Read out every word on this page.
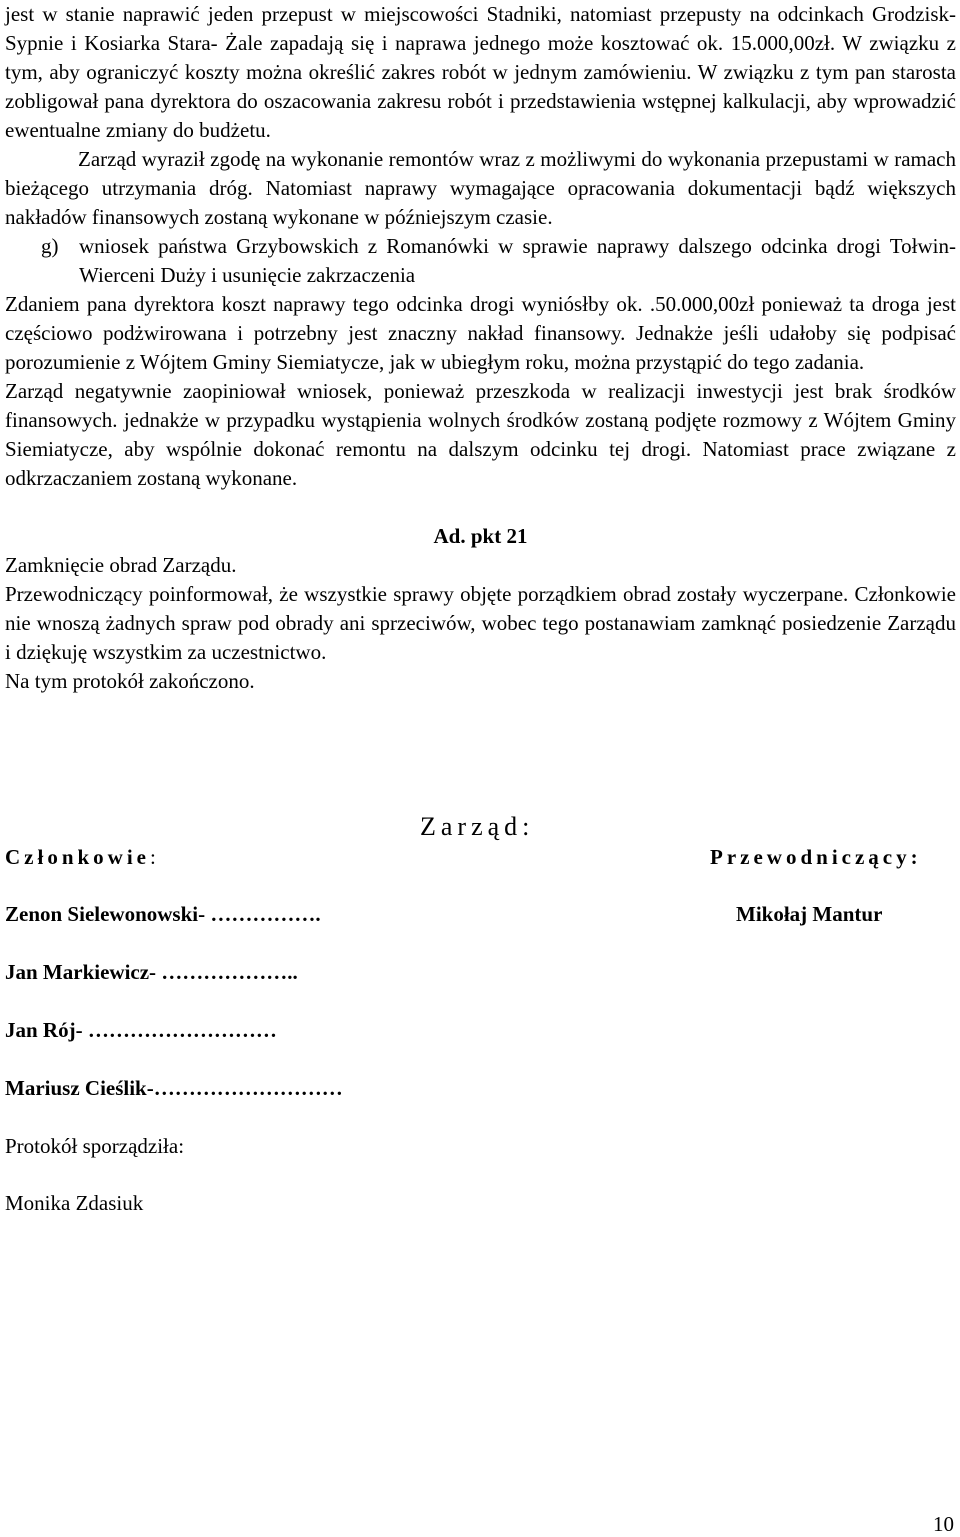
jest w stanie naprawić jeden przepust w miejscowości Stadniki, natomiast przepusty na odcinkach Grodzisk- Sypnie i Kosiarka Stara- Żale zapadają się i naprawa jednego może kosztować ok. 15.000,00zł. W związku z tym, aby ograniczyć koszty można określić zakres robót w jednym zamówieniu. W związku z tym pan starosta zobligował pana dyrektora do oszacowania zakresu robót i przedstawienia wstępnej kalkulacji, aby wprowadzić ewentualne zmiany do budżetu.

Zarząd wyraził zgodę na wykonanie remontów wraz z możliwymi do wykonania przepustami w ramach bieżącego utrzymania dróg. Natomiast naprawy wymagające opracowania dokumentacji bądź większych nakładów finansowych zostaną wykonane w późniejszym czasie.

g) wniosek państwa Grzybowskich z Romanówki w sprawie naprawy dalszego odcinka drogi Tołwin- Wierceni Duży i usunięcie zakrzaczenia

Zdaniem pana dyrektora koszt naprawy tego odcinka drogi wyniósłby ok. .50.000,00zł ponieważ ta droga jest częściowo podżwirowana i potrzebny jest znaczny nakład finansowy. Jednakże jeśli udałoby się podpisać porozumienie z Wójtem Gminy Siemiatycze, jak w ubiegłym roku, można przystąpić do tego zadania.

Zarząd negatywnie zaopiniował wniosek, ponieważ przeszkoda w realizacji inwestycji jest brak środków finansowych. jednakże w przypadku wystąpienia wolnych środków zostaną podjęte rozmowy z Wójtem Gminy Siemiatycze, aby wspólnie dokonać remontu na dalszym odcinku tej drogi. Natomiast prace związane z odkrzaczaniem zostaną wykonane.

Ad. pkt 21

Zamknięcie obrad Zarządu.

Przewodniczący poinformował, że wszystkie sprawy objęte porządkiem obrad zostały wyczerpane. Członkowie nie wnoszą żadnych spraw pod obrady ani sprzeciwów, wobec tego postanawiam zamknąć posiedzenie Zarządu i dziękuję wszystkim za uczestnictwo.

Na tym protokół zakończono.

Zarząd:
Członkowie:	Przewodniczący:
Zenon Sielewonowski- …………….	Mikołaj Mantur
Jan Markiewicz- ………………..
Jan Rój- ………………………
Mariusz Cieślik-………………………
Protokół sporządziła:
Monika Zdasiuk
10
